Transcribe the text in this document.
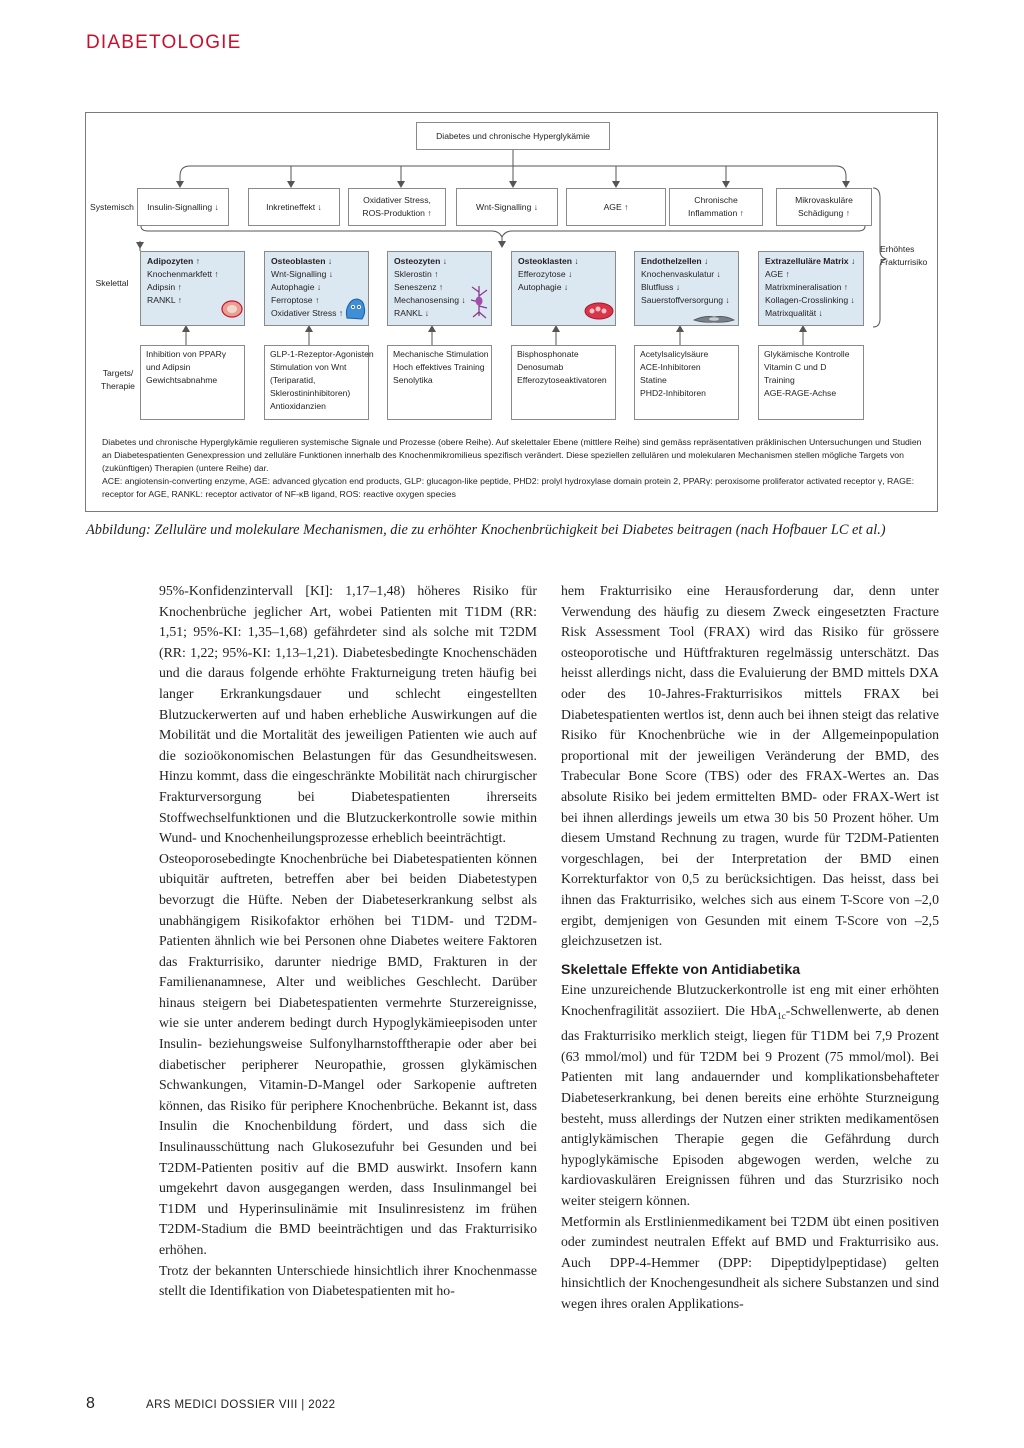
DIABETOLOGIE
Diabetes und chronische Hyperglykämie
Systemisch
Skelettal
Targets/ Therapie
Erhöhtes Frakturrisiko
Insulin-Signalling ↓	Inkretineffekt ↓
Oxidativer Stress,
ROS-Produktion ↑
Wnt-Signalling ↓	AGE ↑
Chronische
Inflammation ↑
Mikrovaskuläre
Schädigung ↑
Adipozyten ↑
Knochenmarkfett ↑
Adipsin ↑
RANKL ↑
Osteoblasten ↓
Wnt-Signalling ↓
Autophagie ↓
Ferroptose ↑
Oxidativer Stress ↑
Osteozyten ↓
Sklerostin ↑
Seneszenz ↑
Mechanosensing ↓
RANKL ↓
Osteoklasten ↓
Efferozytose ↓
Autophagie ↓
Endothelzellen ↓
Knochenvaskulatur ↓
Blutfluss ↓
Sauerstoffversorgung ↓
Extrazelluläre Matrix ↓
AGE ↑
Matrixmineralisation ↑
Kollagen-Crosslinking ↓
Matrixqualität ↓
Inhibition von PPARγ
und Adipsin
Gewichtsabnahme
GLP-1-Rezeptor-Agonisten
Stimulation von Wnt
(Teriparatid,
Sklerostininhibitoren)
Antioxidanzien
Mechanische Stimulation
Hoch effektives Training
Senolytika
Bisphosphonate
Denosumab
Efferozytoseaktivatoren
Acetylsalicylsäure
ACE-Inhibitoren
Statine
PHD2-Inhibitoren
Glykämische Kontrolle
Vitamin C und D
Training
AGE-RAGE-Achse
Diabetes und chronische Hyperglykämie regulieren systemische Signale und Prozesse (obere Reihe). Auf skelettaler Ebene (mittlere Reihe) sind gemäss repräsentativen präklinischen Untersuchungen und Studien an Diabetespatienten Genexpression und zelluläre Funktionen innerhalb des Knochenmikromilieus spezifisch verändert. Diese speziellen zellulären und molekularen Mechanismen stellen mögliche Targets von (zukünftigen) Therapien (untere Reihe) dar.
ACE: angiotensin-converting enzyme, AGE: advanced glycation end products, GLP: glucagon-like peptide, PHD2: prolyl hydroxylase domain protein 2, PPARγ: peroxisome proliferator activated receptor γ, RAGE: receptor for AGE, RANKL: receptor activator of NF-κB ligand, ROS: reactive oxygen species
Abbildung: Zelluläre und molekulare Mechanismen, die zu erhöhter Knochenbrüchigkeit bei Diabetes beitragen (nach Hofbauer LC et al.)

95%-Konfidenzintervall [KI]: 1,17–1,48) höheres Risiko für Knochenbrüche jeglicher Art, wobei Patienten mit T1DM (RR: 1,51; 95%-KI: 1,35–1,68) gefährdeter sind als solche mit T2DM (RR: 1,22; 95%-KI: 1,13–1,21). Diabetesbedingte Knochenschäden und die daraus folgende erhöhte Frakturneigung treten häufig bei langer Erkrankungsdauer und schlecht eingestellten Blutzuckerwerten auf und haben erhebliche Auswirkungen auf die Mobilität und die Mortalität des jeweiligen Patienten wie auch auf die sozioökonomischen Belastungen für das Gesundheitswesen. Hinzu kommt, dass die eingeschränkte Mobilität nach chirurgischer Frakturversorgung bei Diabetespatienten ihrerseits Stoffwechselfunktionen und die Blutzuckerkontrolle sowie mithin Wund- und Knochenheilungsprozesse erheblich beeinträchtigt.

Osteoporosebedingte Knochenbrüche bei Diabetespatienten können ubiquitär auftreten, betreffen aber bei beiden Diabetestypen bevorzugt die Hüfte. Neben der Diabeteserkrankung selbst als unabhängigem Risikofaktor erhöhen bei T1DM- und T2DM-Patienten ähnlich wie bei Personen ohne Diabetes weitere Faktoren das Frakturrisiko, darunter niedrige BMD, Frakturen in der Familienanamnese, Alter und weibliches Geschlecht. Darüber hinaus steigern bei Diabetespatienten vermehrte Sturzereignisse, wie sie unter anderem bedingt durch Hypoglykämieepisoden unter Insulin- beziehungsweise Sulfonylharnstofftherapie oder aber bei diabetischer peripherer Neuropathie, grossen glykämischen Schwankungen, Vitamin-D-Mangel oder Sarkopenie auftreten können, das Risiko für periphere Knochenbrüche. Bekannt ist, dass Insulin die Knochenbildung fördert, und dass sich die Insulinausschüttung nach Glukosezufuhr bei Gesunden und bei T2DM-Patienten positiv auf die BMD auswirkt. Insofern kann umgekehrt davon ausgegangen werden, dass Insulinmangel bei T1DM und Hyperinsulinämie mit Insulinresistenz im frühen T2DM-Stadium die BMD beeinträchtigen und das Frakturrisiko erhöhen.

Trotz der bekannten Unterschiede hinsichtlich ihrer Knochenmasse stellt die Identifikation von Diabetespatienten mit ho-

hem Frakturrisiko eine Herausforderung dar, denn unter Verwendung des häufig zu diesem Zweck eingesetzten Fracture Risk Assessment Tool (FRAX) wird das Risiko für grössere osteoporotische und Hüftfrakturen regelmässig unterschätzt. Das heisst allerdings nicht, dass die Evaluierung der BMD mittels DXA oder des 10-Jahres-Frakturrisikos mittels FRAX bei Diabetespatienten wertlos ist, denn auch bei ihnen steigt das relative Risiko für Knochenbrüche wie in der Allgemeinpopulation proportional mit der jeweiligen Veränderung der BMD, des Trabecular Bone Score (TBS) oder des FRAX-Wertes an. Das absolute Risiko bei jedem ermittelten BMD- oder FRAX-Wert ist bei ihnen allerdings jeweils um etwa 30 bis 50 Prozent höher. Um diesem Umstand Rechnung zu tragen, wurde für T2DM-Patienten vorgeschlagen, bei der Interpretation der BMD einen Korrekturfaktor von 0,5 zu berücksichtigen. Das heisst, dass bei ihnen das Frakturrisiko, welches sich aus einem T-Score von –2,0 ergibt, demjenigen von Gesunden mit einem T-Score von –2,5 gleichzusetzen ist.

Skelettale Effekte von Antidiabetika

Eine unzureichende Blutzuckerkontrolle ist eng mit einer erhöhten Knochenfragilität assoziiert. Die HbA$_{1c}$-Schwellenwerte, ab denen das Frakturrisiko merklich steigt, liegen für T1DM bei 7,9 Prozent (63 mmol/mol) und für T2DM bei 9 Prozent (75 mmol/mol). Bei Patienten mit lang andauernder und komplikationsbehafteter Diabeteserkrankung, bei denen bereits eine erhöhte Sturzneigung besteht, muss allerdings der Nutzen einer strikten medikamentösen antiglykämischen Therapie gegen die Gefährdung durch hypoglykämische Episoden abgewogen werden, welche zu kardiovaskulären Ereignissen führen und das Sturzrisiko noch weiter steigern können.

Metformin als Erstlinienmedikament bei T2DM übt einen positiven oder zumindest neutralen Effekt auf BMD und Frakturrisiko aus. Auch DPP-4-Hemmer (DPP: Dipeptidylpeptidase) gelten hinsichtlich der Knochengesundheit als sichere Substanzen und sind wegen ihres oralen Applikations-

8	ARS MEDICI DOSSIER VIII | 2022
